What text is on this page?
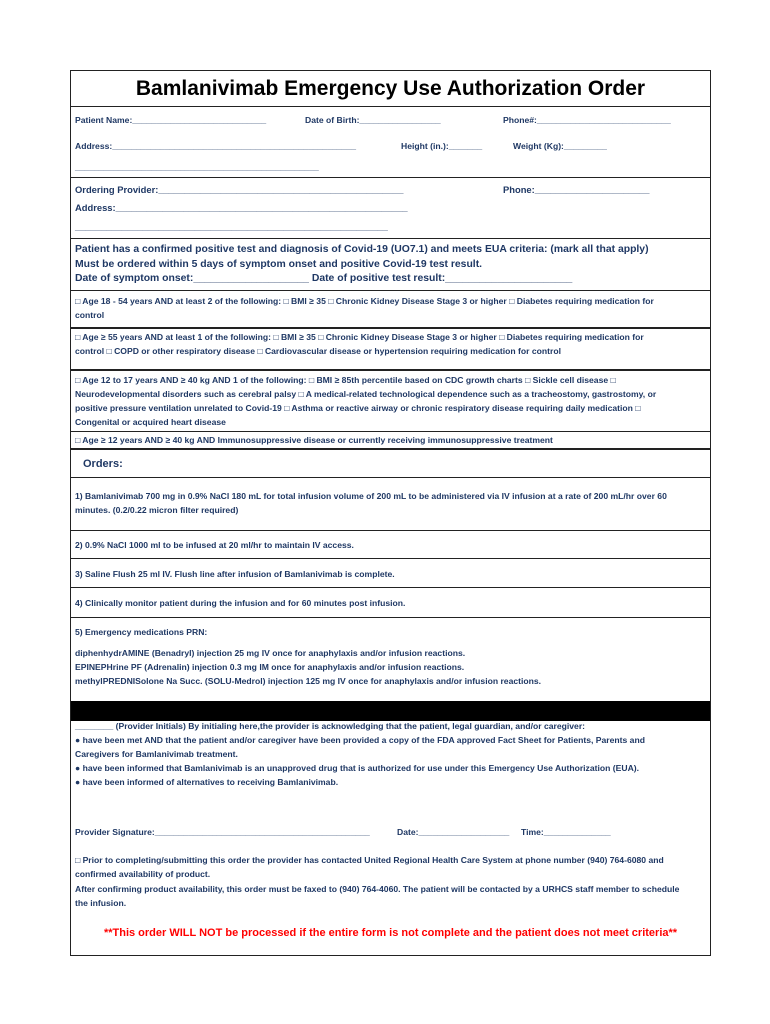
Bamlanivimab Emergency Use Authorization Order
Patient Name:____________________________	Date of Birth:_________________	Phone#:____________________________
Address:___________________________________________________	Height (in.):_______	Weight (Kg):_________
___________________________________________________
Ordering Provider:_______________________________________________	Phone:______________________
Address:________________________________________________________
____________________________________________________________
Patient has a confirmed positive test and diagnosis of Covid-19 (UO7.1) and meets EUA criteria: (mark all that apply)
Must be ordered within 5 days of symptom onset and positive Covid-19 test result.
Date of symptom onset:____________________ Date of positive test result:______________________
□ Age 18 - 54 years AND at least 2 of the following: □ BMI ≥ 35 □ Chronic Kidney Disease Stage 3 or higher □ Diabetes requiring medication for
control
□ Age ≥ 55 years AND at least 1 of the following: □ BMI ≥ 35 □ Chronic Kidney Disease Stage 3 or higher □ Diabetes requiring medication for
control □ COPD or other respiratory disease □ Cardiovascular disease or hypertension requiring medication for control
□ Age 12 to 17 years AND ≥ 40 kg AND 1 of the following: □ BMI ≥ 85th percentile based on CDC growth charts □ Sickle cell disease □
Neurodevelopmental disorders such as cerebral palsy □ A medical-related technological dependence such as a tracheostomy, gastrostomy, or
positive pressure ventilation unrelated to Covid-19 □ Asthma or reactive airway or chronic respiratory disease requiring daily medication □
Congenital or acquired heart disease
□ Age ≥ 12 years AND ≥ 40 kg AND Immunosuppressive disease or currently receiving immunosuppressive treatment
Orders:
1) Bamlanivimab 700 mg in 0.9% NaCl 180 mL for total infusion volume of 200 mL to be administered via IV infusion at a rate of 200 mL/hr over 60
minutes. (0.2/0.22 micron filter required)
2) 0.9% NaCl 1000 ml to be infused at 20 ml/hr to maintain IV access.
3) Saline Flush 25 ml IV. Flush line after infusion of Bamlanivimab is complete.
4) Clinically monitor patient during the infusion and for 60 minutes post infusion.
5) Emergency medications PRN:
diphenhydrAMINE (Benadryl) injection 25 mg IV once for anaphylaxis and/or infusion reactions.
EPINEPHrine PF (Adrenalin) injection 0.3 mg IM once for anaphylaxis and/or infusion reactions.
methylPREDNISolone Na Succ. (SOLU-Medrol) injection 125 mg IV once for anaphylaxis and/or infusion reactions.
________ (Provider Initials) By initialing here,the provider is acknowledging that the patient, legal guardian, and/or caregiver:
● have been met AND that the patient and/or caregiver have been provided a copy of the FDA approved Fact Sheet for Patients, Parents and
Caregivers for Bamlanivimab treatment.
● have been informed that Bamlanivimab is an unapproved drug that is authorized for use under this Emergency Use Authorization (EUA).
● have been informed of alternatives to receiving Bamlanivimab.
Provider Signature:_____________________________________________	Date:___________________ Time:______________
□ Prior to completing/submitting this order the provider has contacted United Regional Health Care System at phone number (940) 764-6080 and
confirmed availability of product.
After confirming product availability, this order must be faxed to (940) 764-4060. The patient will be contacted by a URHCS staff member to schedule
the infusion.
**This order WILL NOT be processed if the entire form is not complete and the patient does not meet criteria**
